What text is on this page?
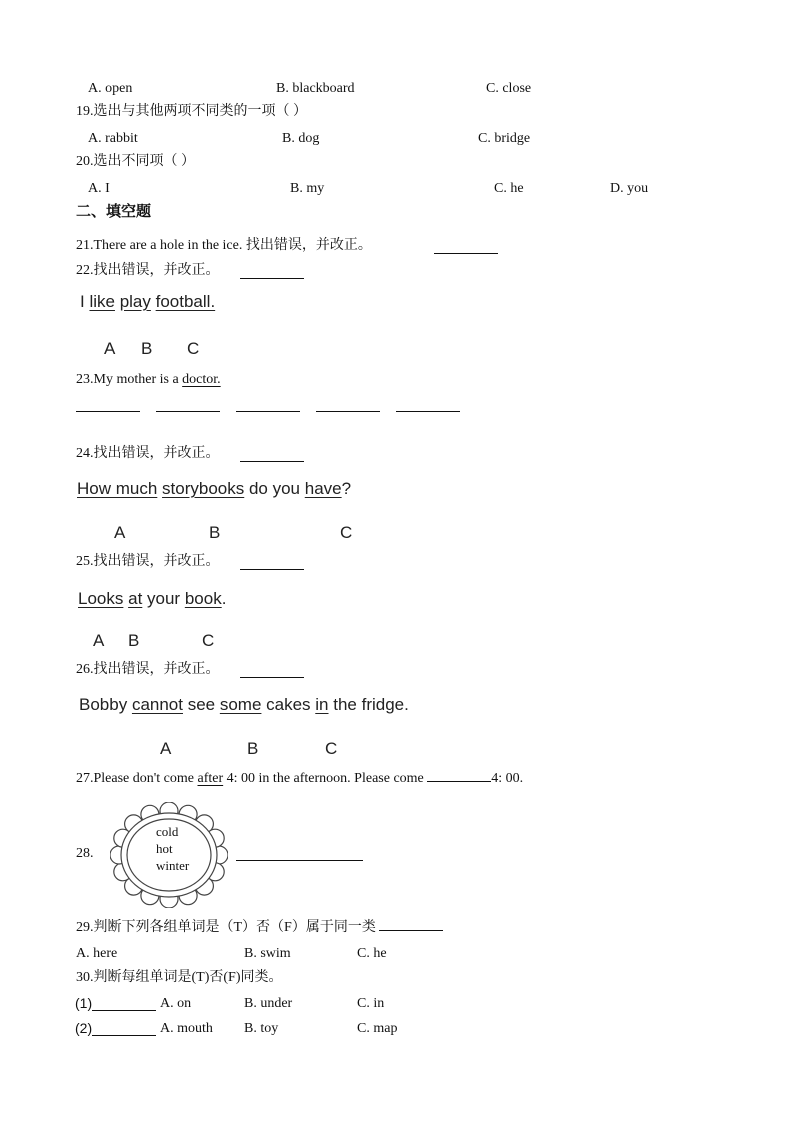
A. open	B. blackboard	C. close
19.选出与其他两项不同类的一项（ ）
A. rabbit	B. dog	C. bridge
20.选出不同项（ ）
A. I	B. my	C. he	D. you
二、填空题
21.There are a hole in the ice. 找出错误，并改正。
22.找出错误，并改正。
I like play football.
A B C
23.My mother is a doctor.
24.找出错误，并改正。
How much storybooks do you have?
A	B	C
25.找出错误，并改正。
Looks at your book.
A B	C
26.找出错误，并改正。
Bobby cannot see some cakes in the fridge.
A	B	C
27.Please don't come after 4: 00 in the afternoon. Please come	4: 00.
28.
cold
hot
winter
29.判断下列各组单词是（T）否（F）属于同一类
A. here	B. swim	C. he
30.判断每组单词是(T)否(F)同类。
(1)	A. on	B. under	C. in
(2)	A. mouth B. toy	C. map
